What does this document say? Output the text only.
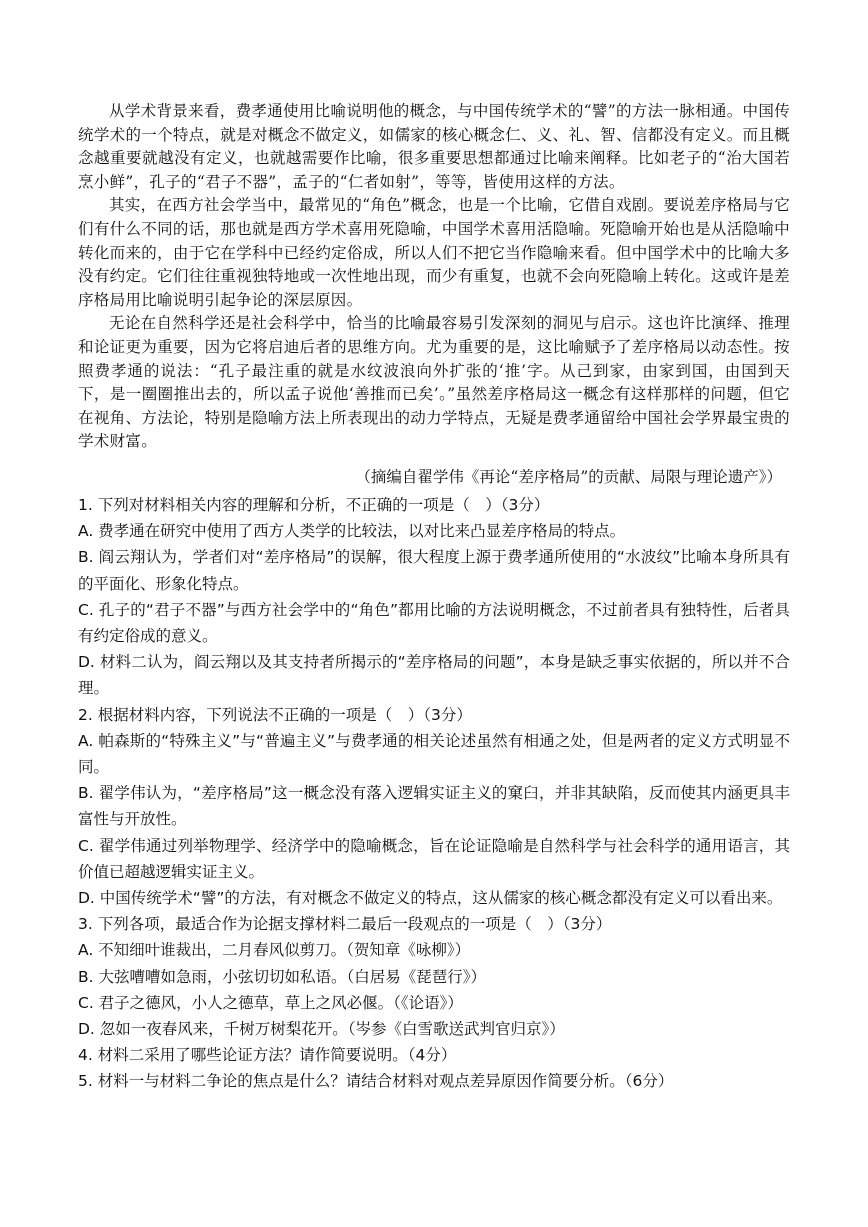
从学术背景来看，费孝通使用比喻说明他的概念，与中国传统学术的“譬”的方法一脉相通。中国传统学术的一个特点，就是对概念不做定义，如儒家的核心概念仁、义、礼、智、信都没有定义。而且概念越重要就越没有定义，也就越需要作比喻，很多重要思想都通过比喻来阐释。比如老子的“治大国若烹小鲜”，孔子的“君子不器”，孟子的“仁者如射”，等等，皆使用这样的方法。

其实，在西方社会学当中，最常见的“角色”概念，也是一个比喻，它借自戏剧。要说差序格局与它们有什么不同的话，那也就是西方学术喜用死隐喻，中国学术喜用活隐喻。死隐喻开始也是从活隐喻中转化而来的，由于它在学科中已经约定俗成，所以人们不把它当作隐喻来看。但中国学术中的比喻大多没有约定。它们往往重视独特地或一次性地出现，而少有重复，也就不会向死隐喻上转化。这或许是差序格局用比喻说明引起争论的深层原因。

无论在自然科学还是社会科学中，恰当的比喻最容易引发深刻的洞见与启示。这也许比演绎、推理和论证更为重要，因为它将启迪后者的思维方向。尤为重要的是，这比喻赋予了差序格局以动态性。按照费孝通的说法：“孔子最注重的就是水纹波浪向外扩张的‘推’字。从己到家，由家到国，由国到天下，是一圈圈推出去的，所以孟子说他‘善推而已矣’。”虽然差序格局这一概念有这样那样的问题，但它在视角、方法论，特别是隐喻方法上所表现出的动力学特点，无疑是费孝通留给中国社会学界最宝贵的学术财富。

（摘编自翟学伟《再论“差序格局”的贡献、局限与理论遗产》）

1. 下列对材料相关内容的理解和分析，不正确的一项是（　）（3分）

A. 费孝通在研究中使用了西方人类学的比较法，以对比来凸显差序格局的特点。

B. 阎云翔认为，学者们对“差序格局”的误解，很大程度上源于费孝通所使用的“水波纹”比喻本身所具有的平面化、形象化特点。

C. 孔子的“君子不器”与西方社会学中的“角色”都用比喻的方法说明概念，不过前者具有独特性，后者具有约定俗成的意义。

D. 材料二认为，阎云翔以及其支持者所揭示的“差序格局的问题”，本身是缺乏事实依据的，所以并不合理。

2. 根据材料内容，下列说法不正确的一项是（　）（3分）

A. 帕森斯的“特殊主义”与“普遍主义”与费孝通的相关论述虽然有相通之处，但是两者的定义方式明显不同。

B. 翟学伟认为，“差序格局”这一概念没有落入逻辑实证主义的窠臼，并非其缺陷，反而使其内涵更具丰富性与开放性。

C. 翟学伟通过列举物理学、经济学中的隐喻概念，旨在论证隐喻是自然科学与社会科学的通用语言，其价值已超越逻辑实证主义。

D. 中国传统学术“譬”的方法，有对概念不做定义的特点，这从儒家的核心概念都没有定义可以看出来。

3. 下列各项，最适合作为论据支撑材料二最后一段观点的一项是（　）（3分）

A. 不知细叶谁裁出，二月春风似剪刀。（贺知章《咏柳》）

B. 大弦嘈嘈如急雨，小弦切切如私语。（白居易《琵琶行》）

C. 君子之德风，小人之德草，草上之风必偃。（《论语》）

D. 忽如一夜春风来，千树万树梨花开。（岑参《白雪歌送武判官归京》）

4. 材料二采用了哪些论证方法？请作简要说明。（4分）

5. 材料一与材料二争论的焦点是什么？请结合材料对观点差异原因作简要分析。（6分）
